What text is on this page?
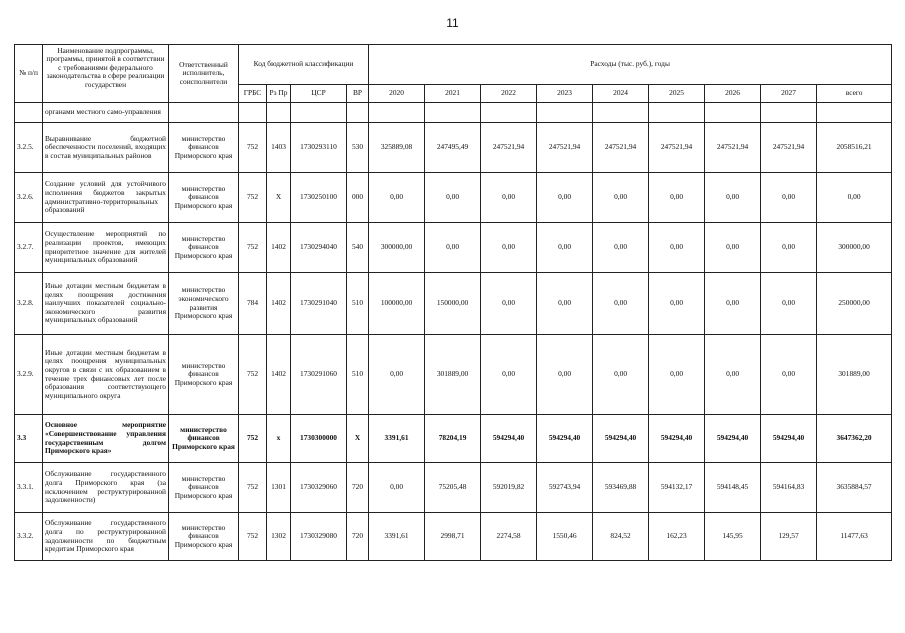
11
№ п/п	Наименование подпрограммы, программы, принятой в соответствии с требованиями федерального законодательства в сфере реализации государствен	Ответственный исполнитель, соисполнители	Код бюджетной классификации				Расходы (тыс. руб.), годы								
			ГРБС	Рз Пр	ЦСР	ВР	2020	2021	2022	2023	2024	2025	2026	2027	всего
	органами местного само-управления														
3.2.5.	Выравнивание бюджетной обеспеченности поселений, входящих в состав муниципальных районов	министерство финансов Приморского края	752	1403	1730293110	530	325889,08	247495,49	247521,94	247521,94	247521,94	247521,94	247521,94	247521,94	2058516,21
3.2.6.	Создание условий для устойчивого исполнения бюджетов закрытых административно-территориальных образований	министерство финансов Приморского края	752	X	1730250100	000	0,00	0,00	0,00	0,00	0,00	0,00	0,00	0,00	0,00
3.2.7.	Осуществление мероприятий по реализации проектов, имеющих приоритетное значение для жителей муниципальных образований	министерство финансов Приморского края	752	1402	1730294040	540	300000,00	0,00	0,00	0,00	0,00	0,00	0,00	0,00	300000,00
3.2.8.	Иные дотации местным бюджетам в целях поощрения достижения наилучших показателей социально-экономического развития муниципальных образований	министерство экономического развития Приморского края	784	1402	1730291040	510	100000,00	150000,00	0,00	0,00	0,00	0,00	0,00	0,00	250000,00
3.2.9.	Иные дотации местным бюджетам в целях поощрения муниципальных округов в связи с их образованием в течение трех финансовых лет после образования соответствующего муниципального округа	министерство финансов Приморского края	752	1402	1730291060	510	0,00	301889,00	0,00	0,00	0,00	0,00	0,00	0,00	301889,00
3.3	Основное мероприятие «Совершенствование управления государственным долгом Приморского края»	министерство финансов Приморского края	752	х	1730300000	Х	3391,61	78204,19	594294,40	594294,40	594294,40	594294,40	594294,40	594294,40	3647362,20
3.3.1.	Обслуживание государственного долга Приморского края (за исключением реструктурированной задолженности)	министерство финансов Приморского края	752	1301	1730329060	720	0,00	75205,48	592019,82	592743,94	593469,88	594132,17	594148,45	594164,83	3635884,57
3.3.2.	Обслуживание государственного долга по реструктурированной задолженности по бюджетным кредитам Приморского края	министерство финансов Приморского края	752	1302	1730329080	720	3391,61	2998,71	2274,58	1550,46	824,52	162,23	145,95	129,57	11477,63
